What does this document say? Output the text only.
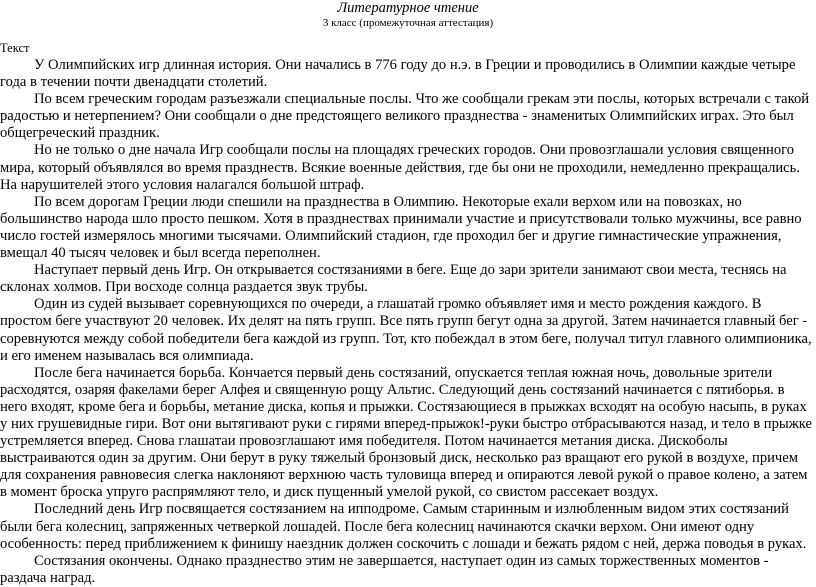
Литературное чтение
3 класс (промежуточная аттестация)
Текст

У Олимпийских игр длинная история. Они начались в 776 году до н.э. в Греции и проводились в Олимпии каждые четыре года в течении почти двенадцати столетий.

По всем греческим городам разъезжали специальные послы. Что же сообщали грекам эти послы, которых встречали с такой радостью и нетерпением? Они сообщали о дне предстоящего великого празднества - знаменитых Олимпийских играх. Это был общегреческий праздник.

Но не только о дне начала Игр сообщали послы на площадях греческих городов. Они провозглашали условия священного мира, который объявлялся во время празднеств. Всякие военные действия, где бы они не проходили, немедленно прекращались. На нарушителей этого условия налагался большой штраф.

По всем дорогам Греции люди спешили на празднества в Олимпию. Некоторые ехали верхом или на повозках, но большинство народа шло просто пешком. Хотя в празднествах принимали участие и присутствовали только мужчины, все равно число гостей измерялось многими тысячами. Олимпийский стадион, где проходил бег и другие гимнастические упражнения, вмещал 40 тысяч человек и был всегда переполнен.

Наступает первый день Игр. Он открывается состязаниями в беге. Еще до зари зрители занимают свои места, теснясь на склонах холмов. При восходе солнца раздается звук трубы.

Один из судей вызывает соревнующихся по очереди, а глашатай громко объявляет имя и место рождения каждого. В простом беге участвуют 20 человек. Их делят на пять групп. Все пять групп бегут одна за другой. Затем начинается главный бег - соревнуются между собой победители бега каждой из групп. Тот, кто побеждал в этом беге, получал титул главного олимпионика, и его именем называлась вся олимпиада.

После бега начинается борьба. Кончается первый день состязаний, опускается теплая южная ночь, довольные зрители расходятся, озаряя факелами берег Алфея и священную рощу Альтис. Следующий день состязаний начинается с пятиборья. в него входят, кроме бега и борьбы, метание диска, копья и прыжки. Состязающиеся в прыжках всходят на особую насыпь, в руках у них грушевидные гири. Вот они вытягивают руки с гирями вперед-прыжок!-руки быстро отбрасываются назад, и тело в прыжке устремляется вперед. Снова глашатаи провозглашают имя победителя. Потом начинается метания диска. Дискоболы выстраиваются один за другим. Они берут в руку тяжелый бронзовый диск, несколько раз вращают его рукой в воздухе, причем для сохранения равновесия слегка наклоняют верхнюю часть туловища вперед и опираются левой рукой о правое колено, а затем в момент броска упруго распрямляют тело, и диск пущенный умелой рукой, со свистом рассекает воздух.

Последний день Игр посвящается состязанием на ипподроме. Самым старинным и излюбленным видом этих состязаний были бега колесниц, запряженных четверкой лошадей. После бега колесниц начинаются скачки верхом. Они имеют одну особенность: перед приближением к финишу наездник должен соскочить с лошади и бежать рядом с ней, держа поводья в руках.

Состязания окончены. Однако празднество этим не завершается, наступает один из самых торжественных моментов - раздача наград.
